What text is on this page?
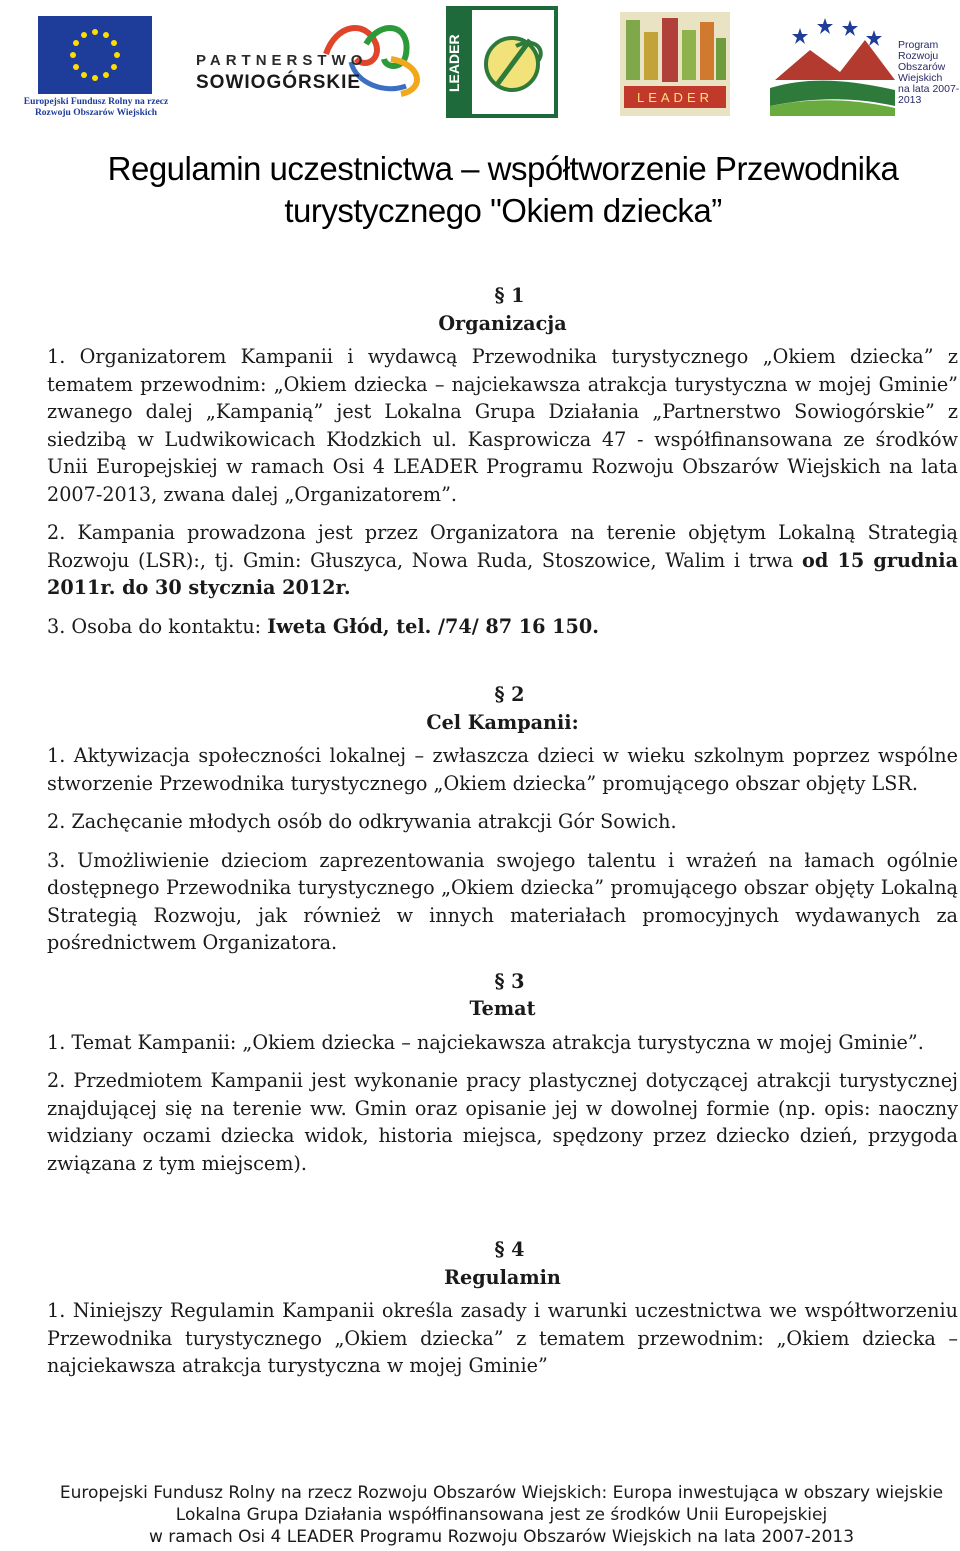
Europejski Fundusz Rolny na rzecz
Rozwoju Obszarów Wiejskich
PARTNERSTWO
SOWIOGÓRSKIE	LEADER
LEADER
Program
Rozwoju
Obszarów
Wiejskich
na lata 2007-2013
Regulamin uczestnictwa – współtworzenie Przewodnika
turystycznego "Okiem dziecka”
§ 1
Organizacja

1. Organizatorem Kampanii i wydawcą Przewodnika turystycznego „Okiem dziecka” z tematem przewodnim: „Okiem dziecka – najciekawsza atrakcja turystyczna w mojej Gminie” zwanego dalej „Kampanią” jest Lokalna Grupa Działania „Partnerstwo Sowiogórskie” z siedzibą w Ludwikowicach Kłodzkich ul. Kasprowicza 47 - współfinansowana ze środków Unii Europejskiej w ramach Osi 4 LEADER Programu Rozwoju Obszarów Wiejskich na lata 2007-2013, zwana dalej „Organizatorem”.

2. Kampania prowadzona jest przez Organizatora na terenie objętym Lokalną Strategią Rozwoju (LSR):, tj. Gmin: Głuszyca, Nowa Ruda, Stoszowice, Walim i trwa od 15 grudnia 2011r. do 30 stycznia 2012r.

3. Osoba do kontaktu: Iweta Głód, tel. /74/ 87 16 150.

§ 2
Cel Kampanii:

1. Aktywizacja społeczności lokalnej – zwłaszcza dzieci w wieku szkolnym poprzez wspólne stworzenie Przewodnika turystycznego „Okiem dziecka” promującego obszar objęty LSR.

2. Zachęcanie młodych osób do odkrywania atrakcji Gór Sowich.

3. Umożliwienie dzieciom zaprezentowania swojego talentu i wrażeń na łamach ogólnie dostępnego Przewodnika turystycznego „Okiem dziecka” promującego obszar objęty Lokalną Strategią Rozwoju, jak również w innych materiałach promocyjnych wydawanych za pośrednictwem Organizatora.

§ 3
Temat

1. Temat Kampanii: „Okiem dziecka – najciekawsza atrakcja turystyczna w mojej Gminie”.

2. Przedmiotem Kampanii jest wykonanie pracy plastycznej dotyczącej atrakcji turystycznej znajdującej się na terenie ww. Gmin oraz opisanie jej w dowolnej formie (np. opis: naoczny widziany oczami dziecka widok, historia miejsca, spędzony przez dziecko dzień, przygoda związana z tym miejscem).

§ 4
Regulamin

1. Niniejszy Regulamin Kampanii określa zasady i warunki uczestnictwa we współtworzeniu Przewodnika turystycznego „Okiem dziecka” z tematem przewodnim: „Okiem dziecka – najciekawsza atrakcja turystyczna w mojej Gminie”

Europejski Fundusz Rolny na rzecz Rozwoju Obszarów Wiejskich: Europa inwestująca w obszary wiejskie
Lokalna Grupa Działania współfinansowana jest ze środków Unii Europejskiej
w ramach Osi 4 LEADER Programu Rozwoju Obszarów Wiejskich na lata 2007-2013
